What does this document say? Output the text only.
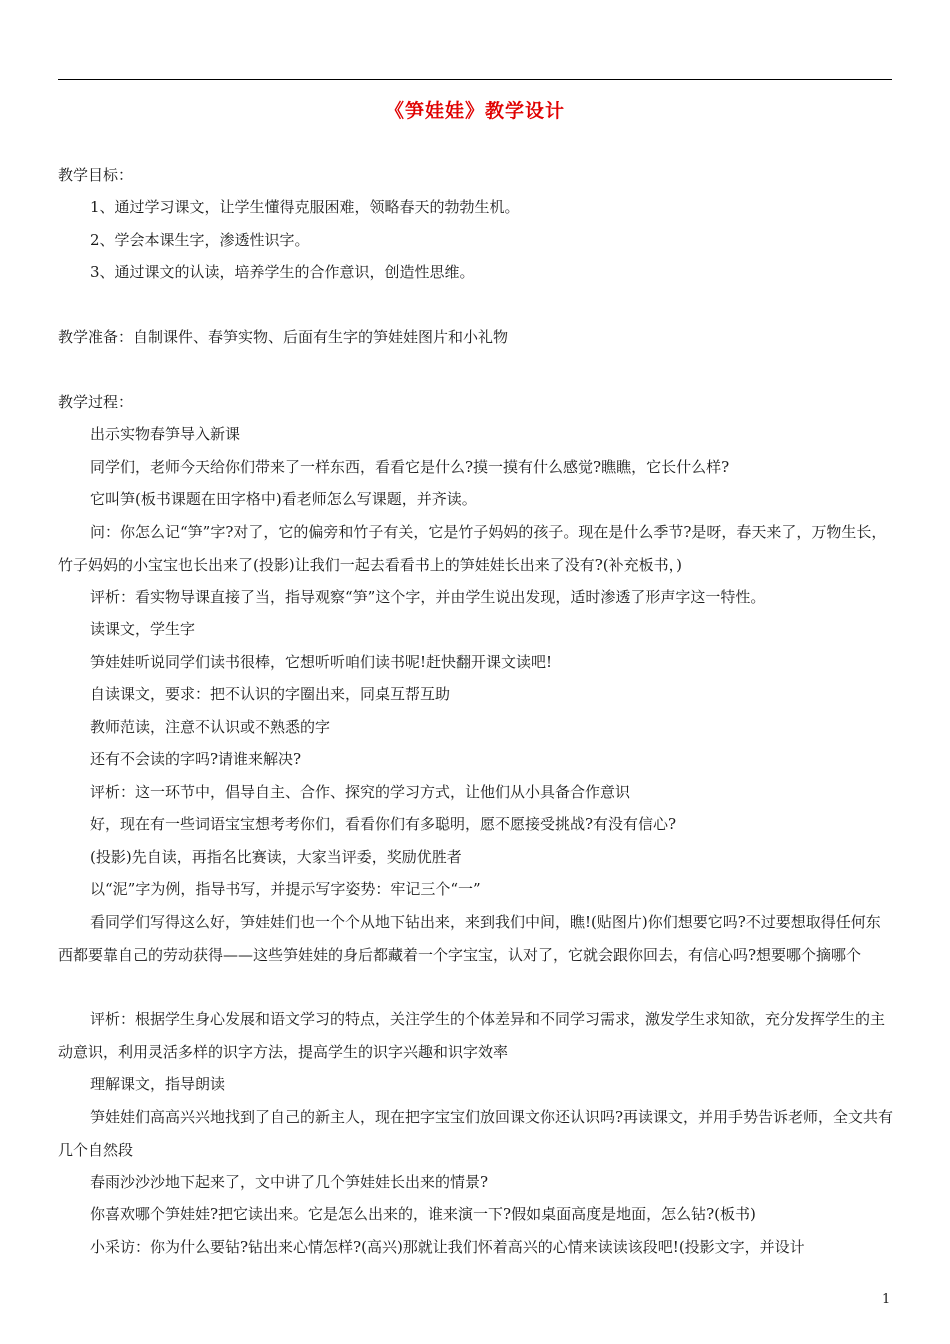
《笋娃娃》教学设计
教学目标：
1、通过学习课文，让学生懂得克服困难，领略春天的勃勃生机。
2、学会本课生字，渗透性识字。
3、通过课文的认读，培养学生的合作意识，创造性思维。
教学准备：自制课件、春笋实物、后面有生字的笋娃娃图片和小礼物
教学过程：
出示实物春笋导入新课
同学们，老师今天给你们带来了一样东西，看看它是什么?摸一摸有什么感觉?瞧瞧，它长什么样?
它叫笋(板书课题在田字格中)看老师怎么写课题，并齐读。
问：你怎么记“笋”字?对了，它的偏旁和竹子有关，它是竹子妈妈的孩子。现在是什么季节?是呀，春天来了，万物生长，竹子妈妈的小宝宝也长出来了(投影)让我们一起去看看书上的笋娃娃长出来了没有?(补充板书，)
评析：看实物导课直接了当，指导观察“笋”这个字，并由学生说出发现，适时渗透了形声字这一特性。
读课文，学生字
笋娃娃听说同学们读书很棒，它想听听咱们读书呢!赶快翻开课文读吧!
自读课文，要求：把不认识的字圈出来，同桌互帮互助
教师范读，注意不认识或不熟悉的字
还有不会读的字吗?请谁来解决?
评析：这一环节中，倡导自主、合作、探究的学习方式，让他们从小具备合作意识
好，现在有一些词语宝宝想考考你们，看看你们有多聪明，愿不愿接受挑战?有没有信心?
(投影)先自读，再指名比赛读，大家当评委，奖励优胜者
以“泥”字为例，指导书写，并提示写字姿势：牢记三个“一”
看同学们写得这么好，笋娃娃们也一个个从地下钻出来，来到我们中间，瞧!(贴图片)你们想要它吗?不过要想取得任何东西都要靠自己的劳动获得——这些笋娃娃的身后都藏着一个字宝宝，认对了，它就会跟你回去，有信心吗?想要哪个摘哪个
评析：根据学生身心发展和语文学习的特点，关注学生的个体差异和不同学习需求，激发学生求知欲，充分发挥学生的主动意识，利用灵活多样的识字方法，提高学生的识字兴趣和识字效率
理解课文，指导朗读
笋娃娃们高高兴兴地找到了自己的新主人，现在把字宝宝们放回课文你还认识吗?再读课文，并用手势告诉老师，全文共有几个自然段
春雨沙沙沙地下起来了，文中讲了几个笋娃娃长出来的情景?
你喜欢哪个笋娃娃?把它读出来。它是怎么出来的，谁来演一下?假如桌面高度是地面，怎么钻?(板书)
小采访：你为什么要钻?钻出来心情怎样?(高兴)那就让我们怀着高兴的心情来读读该段吧!(投影文字，并设计
1
